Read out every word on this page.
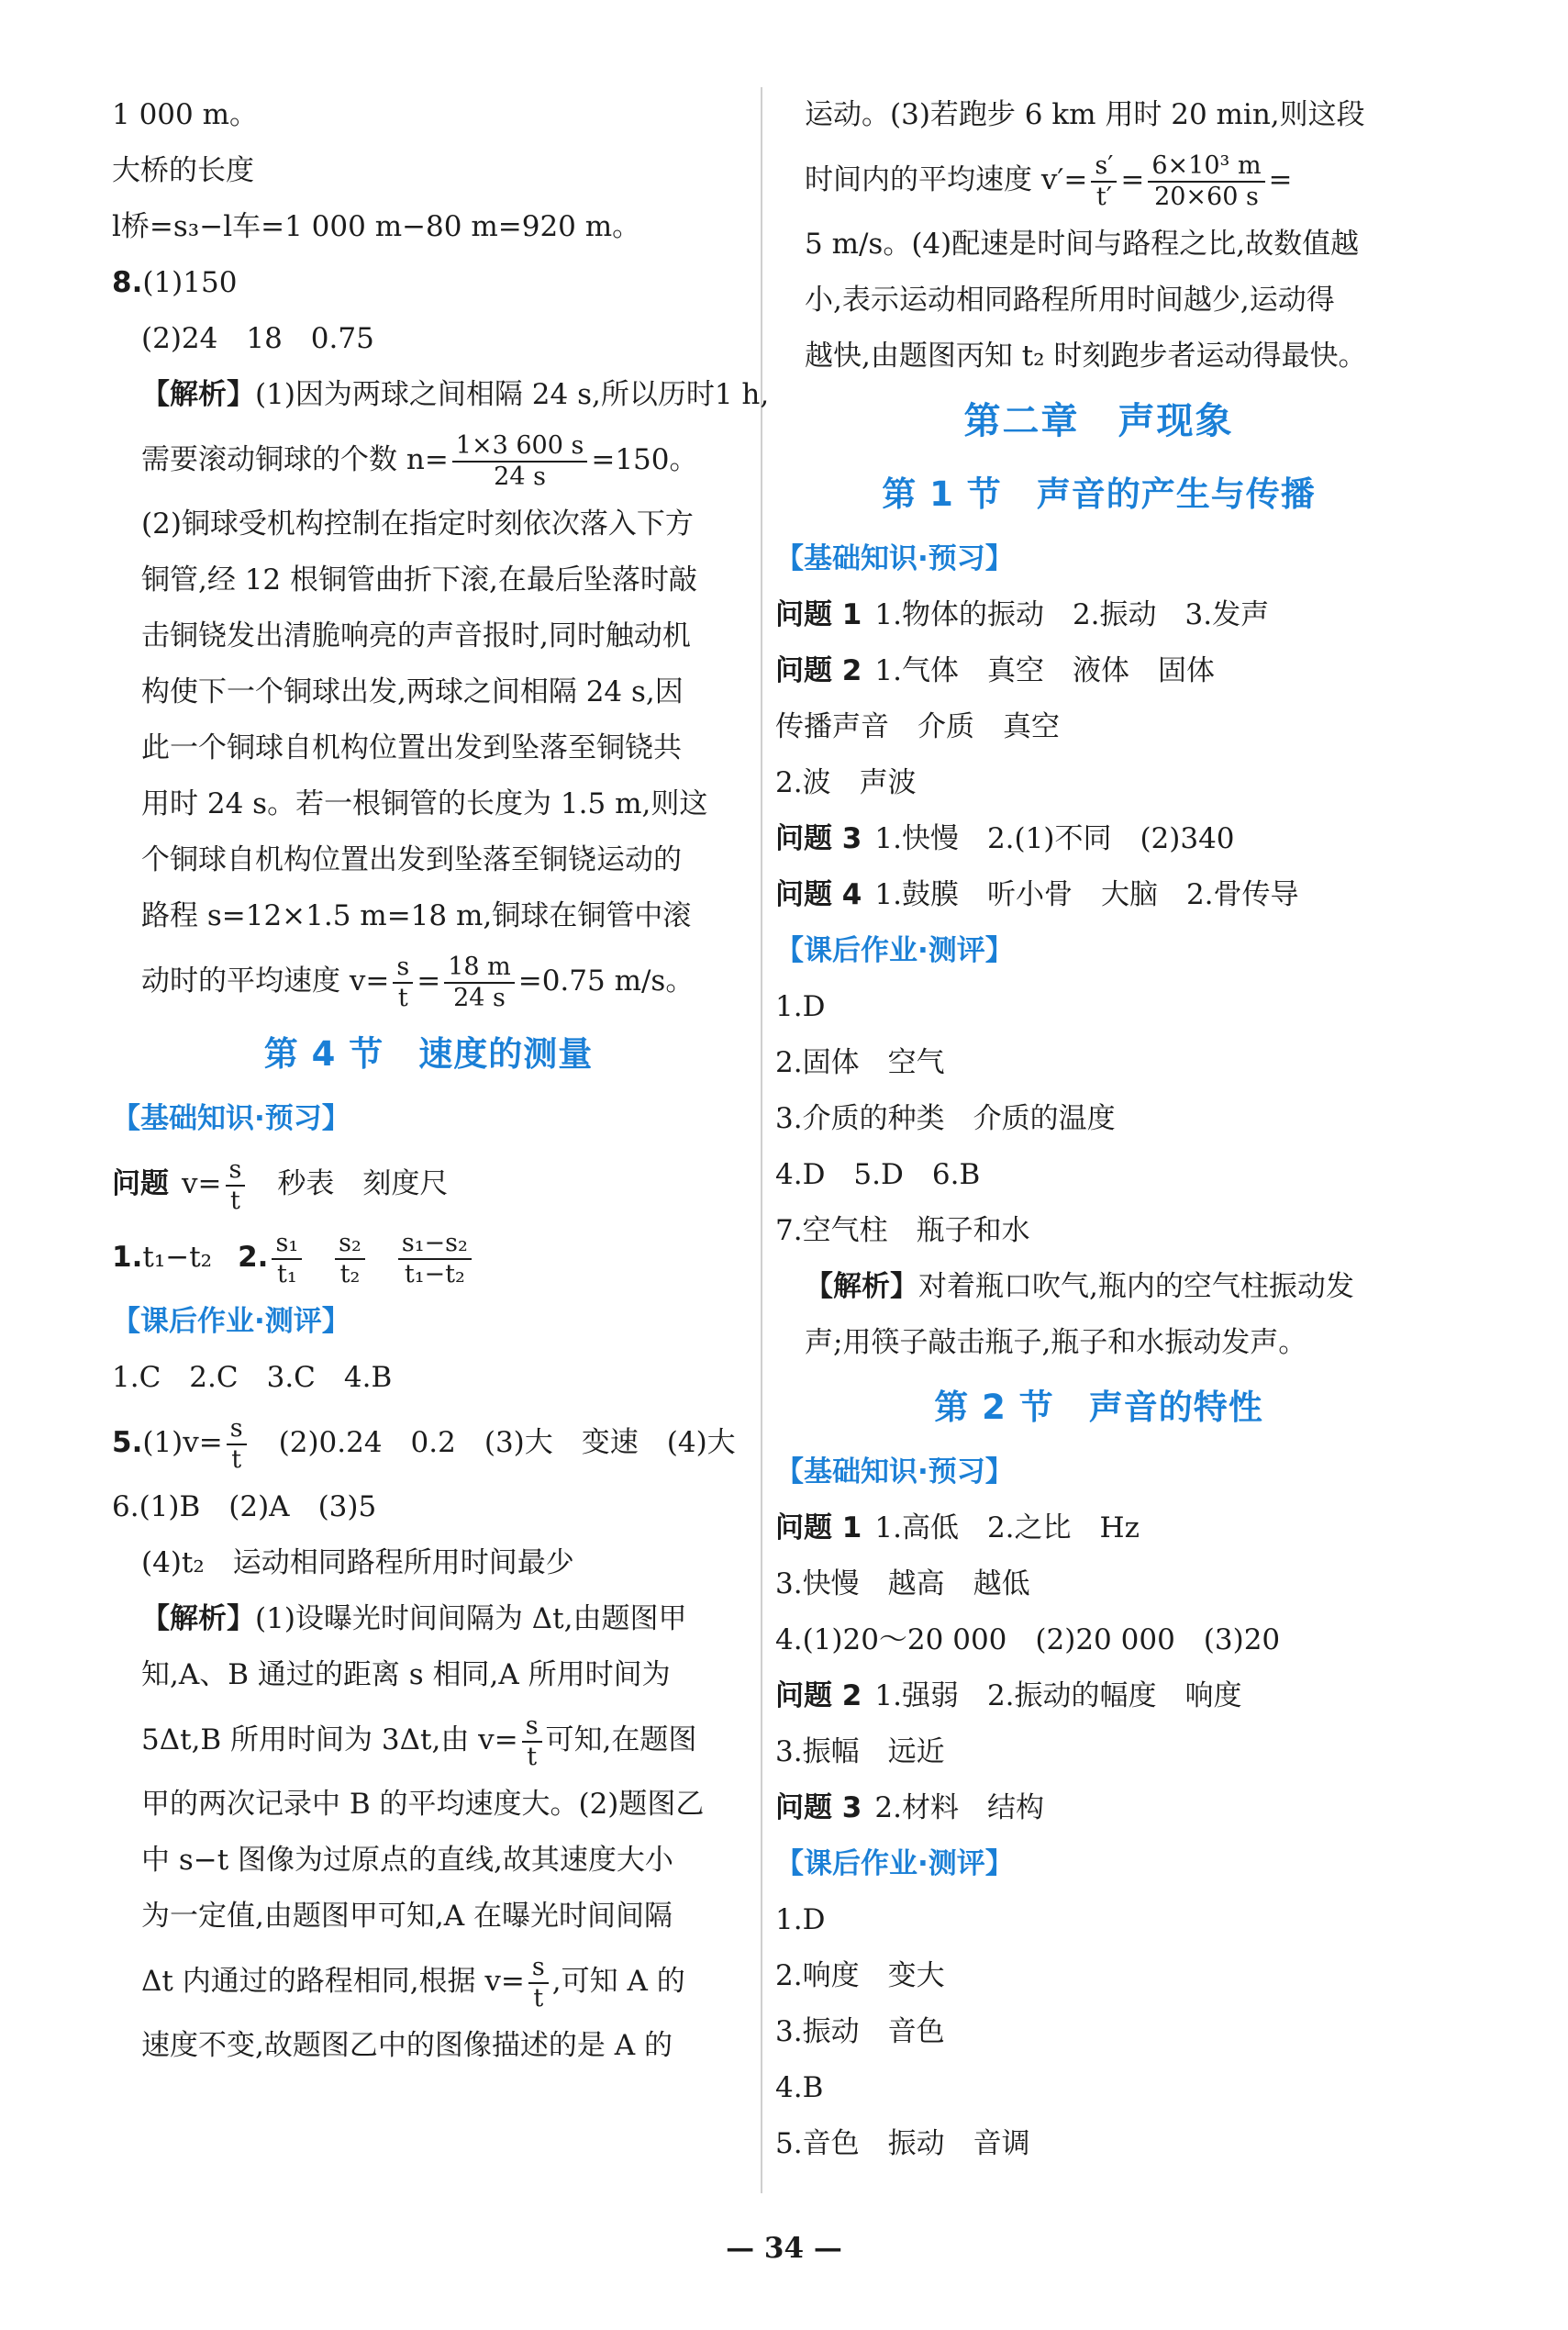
1 000 m。
大桥的长度
l桥=s₃−l车=1 000 m−80 m=920 m。
8.(1)150
(2)24　18　0.75
【解析】(1)因为两球之间相隔 24 s,所以历时1 h,
需要滚动铜球的个数 $n= \frac{1\times 3 600 s}{24 s} =150$。
(2)铜球受机构控制在指定时刻依次落入下方
铜管,经 12 根铜管曲折下滚,在最后坠落时敲
击铜铙发出清脆响亮的声音报时,同时触动机
构使下一个铜球出发,两球之间相隔 24 s,因
此一个铜球自机构位置出发到坠落至铜铙共
用时 24 s。若一根铜管的长度为 1.5 m,则这
个铜球自机构位置出发到坠落至铜铙运动的
路程 s=12×1.5 m=18 m,铜球在铜管中滚
动时的平均速度 $v= \frac{s}{t} = \frac{18 m}{24 s} =0.75$ m/s。
第 4 节　速度的测量
【基础知识·预习】
问题 $v= \frac{s}{t}$ 　秒表　刻度尺
1.t₁−t₂ 2. $\frac{\text{s₁}}{\text{t₁}} \frac{\text{s₂}}{\text{t₂}} \frac{\text{s₁−s₂}}{\text{t₁−t₂}}$
【课后作业·测评】
1.C　2.C　3.C　4.B
$5.(1)v= \frac{s}{t}$ 　(2)0.24　0.2　(3)大　变速　(4)大
6.(1)B　(2)A　(3)5
(4)t₂　运动相同路程所用时间最少
【解析】(1)设曝光时间间隔为 Δt,由题图甲
知,A、B 通过的距离 s 相同,A 所用时间为
5Δt,B 所用时间为 3Δt,由 $v= \frac{s}{t}$ 可知,在题图
甲的两次记录中 B 的平均速度大。(2)题图乙
中 s−t 图像为过原点的直线,故其速度大小
为一定值,由题图甲可知,A 在曝光时间间隔
Δt 内通过的路程相同,根据 $v= \frac{s}{t}$ ,可知 A 的
速度不变,故题图乙中的图像描述的是 A 的
运动。(3)若跑步 6 km 用时 20 min,则这段
时间内的平均速度 $v'= \frac{s'}{t'} = \frac{\text{6×10³ m}}{20\times 60 s}$ =
5 m/s。(4)配速是时间与路程之比,故数值越
小,表示运动相同路程所用时间越少,运动得
越快,由题图丙知 t₂ 时刻跑步者运动得最快。
第二章　声现象
第 1 节　声音的产生与传播
【基础知识·预习】
问题 1 1.物体的振动　2.振动　3.发声
问题 2 1.气体　真空　液体　固体
传播声音　介质　真空
2.波　声波
问题 3 1.快慢　2.(1)不同　(2)340
问题 4 1.鼓膜　听小骨　大脑　2.骨传导
【课后作业·测评】
1.D
2.固体　空气
3.介质的种类　介质的温度
4.D　5.D　6.B
7.空气柱　瓶子和水
【解析】对着瓶口吹气,瓶内的空气柱振动发
声;用筷子敲击瓶子,瓶子和水振动发声。
第 2 节　声音的特性
【基础知识·预习】
问题 1 1.高低　2.之比　Hz
3.快慢　越高　越低
4.(1)20～20 000　(2)20 000　(3)20
问题 2 1.强弱　2.振动的幅度　响度
3.振幅　远近
问题 3 2.材料　结构
【课后作业·测评】
1.D
2.响度　变大
3.振动　音色
4.B
5.音色　振动　音调
— 34 —
